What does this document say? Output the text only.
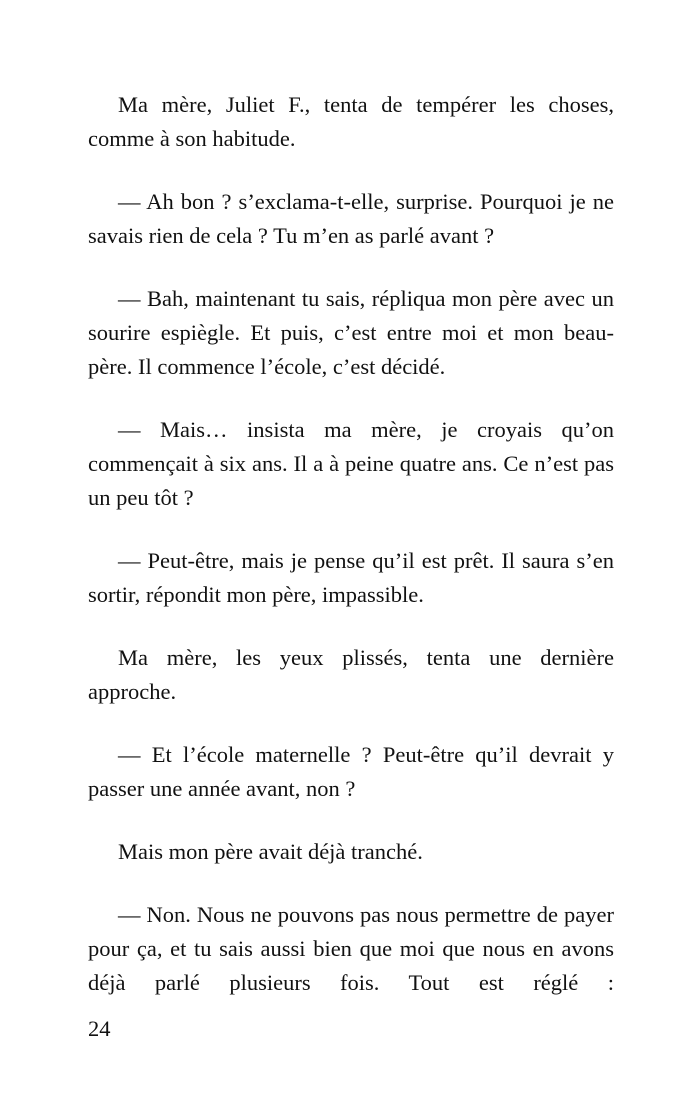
Ma mère, Juliet F., tenta de tempérer les choses, comme à son habitude.

— Ah bon ? s’exclama-t-elle, surprise. Pourquoi je ne savais rien de cela ? Tu m’en as parlé avant ?

— Bah, maintenant tu sais, répliqua mon père avec un sourire espiègle. Et puis, c’est entre moi et mon beau-père. Il commence l’école, c’est décidé.

— Mais… insista ma mère, je croyais qu’on commençait à six ans. Il a à peine quatre ans. Ce n’est pas un peu tôt ?

— Peut-être, mais je pense qu’il est prêt. Il saura s’en sortir, répondit mon père, impassible.

Ma mère, les yeux plissés, tenta une dernière approche.

— Et l’école maternelle ? Peut-être qu’il devrait y passer une année avant, non ?

Mais mon père avait déjà tranché.

— Non. Nous ne pouvons pas nous permettre de payer pour ça, et tu sais aussi bien que moi que nous en avons déjà parlé plusieurs fois. Tout est réglé :

24
